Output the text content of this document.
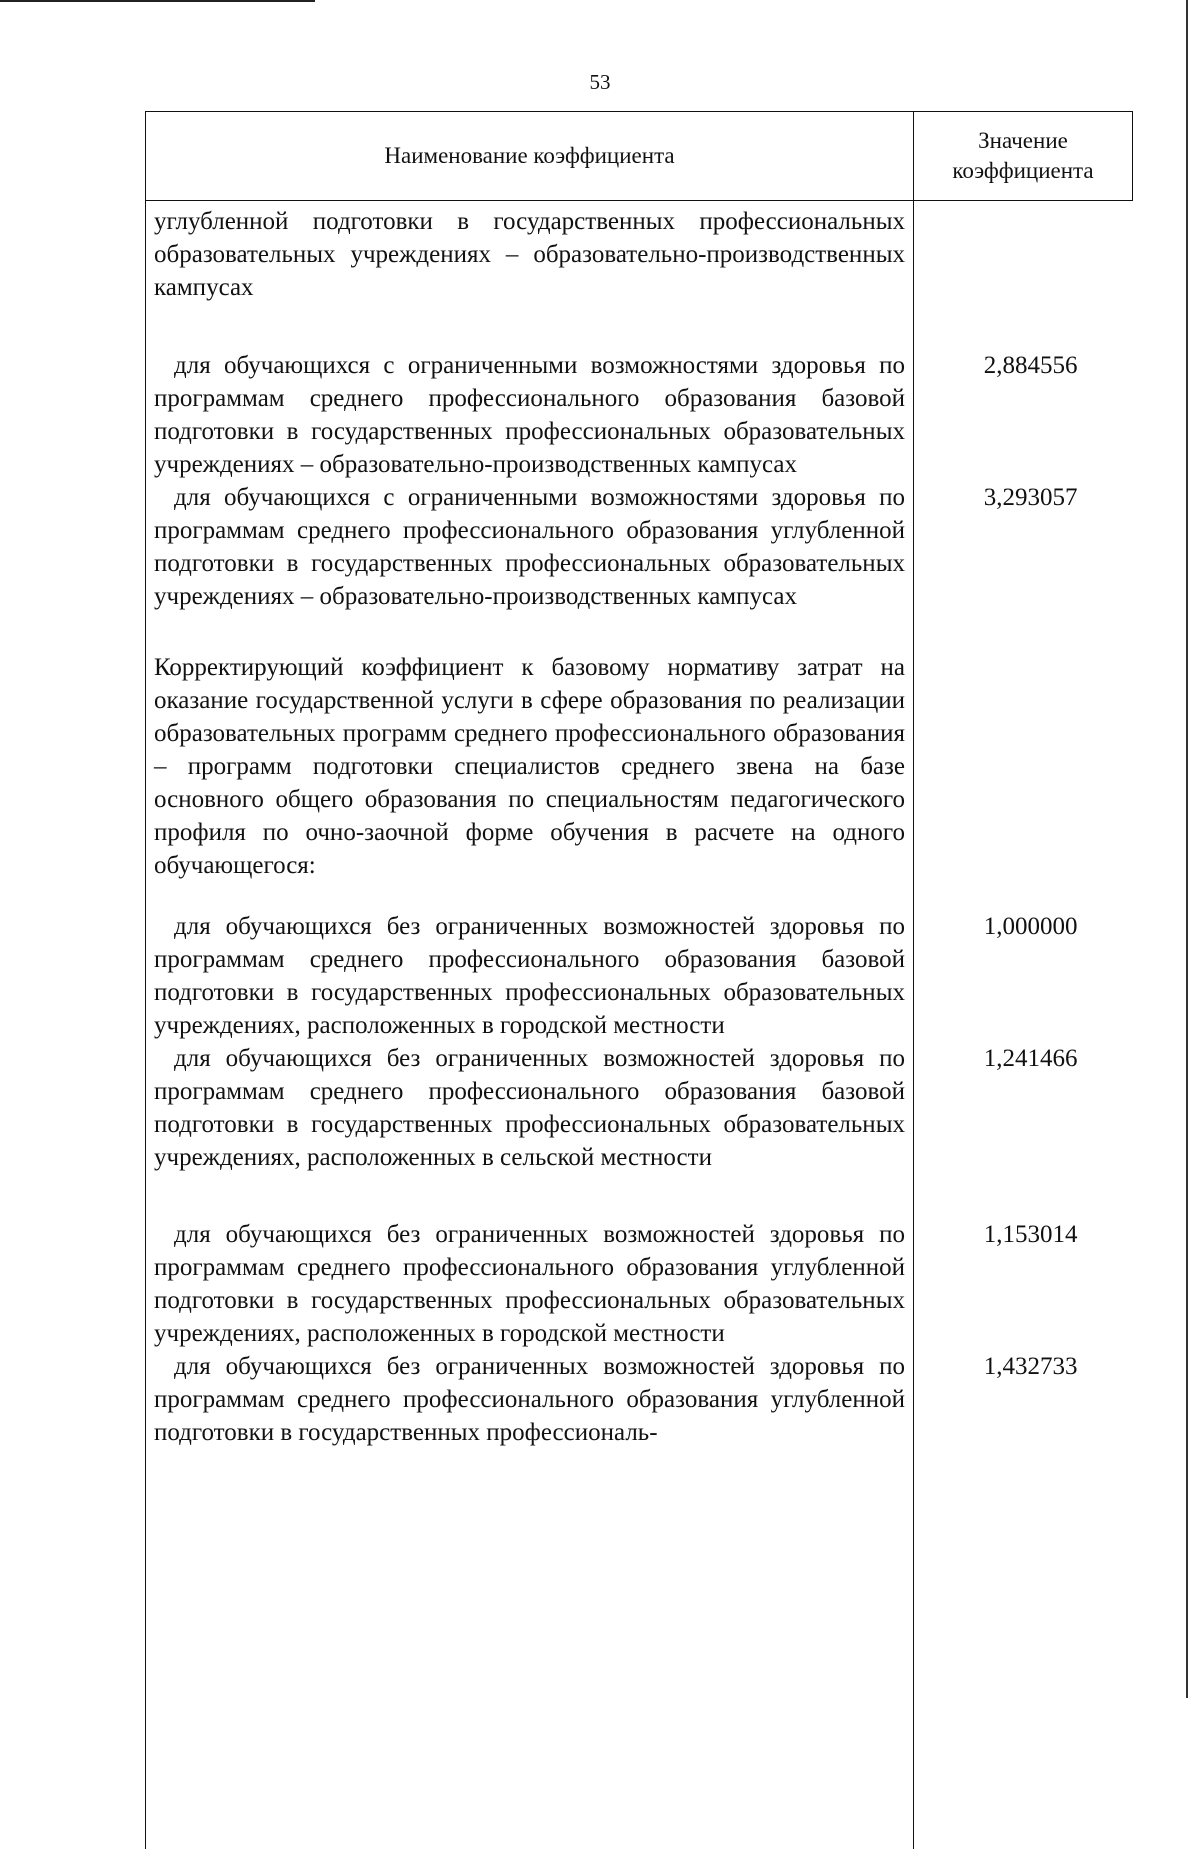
53
Наименование коэффициента	Значение коэффициента

углубленной подготовки в государственных профессиональных образовательных учреждениях – образовательно-производственных кампусах	

для обучающихся с ограниченными возможностями здоровья по программам среднего профессионального образования базовой подготовки в государственных профессиональных образовательных учреждениях – образовательно-производственных кампусах	2,884556

для обучающихся с ограниченными возможностями здоровья по программам среднего профессионального образования углубленной подготовки в государственных профессиональных образовательных учреждениях – образовательно-производственных кампусах	3,293057

Корректирующий коэффициент к базовому нормативу затрат на оказание государственной услуги в сфере образования по реализации образовательных программ среднего профессионального образования – программ подготовки специалистов среднего звена на базе основного общего образования по специальностям педагогического профиля по очно-заочной форме обучения в расчете на одного обучающегося:	

для обучающихся без ограниченных возможностей здоровья по программам среднего профессионального образования базовой подготовки в государственных профессиональных образовательных учреждениях, расположенных в городской местности	1,000000

для обучающихся без ограниченных возможностей здоровья по программам среднего профессионального образования базовой подготовки в государственных профессиональных образовательных учреждениях, расположенных в сельской местности	1,241466

для обучающихся без ограниченных возможностей здоровья по программам среднего профессионального образования углубленной подготовки в государственных профессиональных образовательных учреждениях, расположенных в городской местности	1,153014

для обучающихся без ограниченных возможностей здоровья по программам среднего профессионального образования углубленной подготовки в государственных профессиональ-	1,432733
